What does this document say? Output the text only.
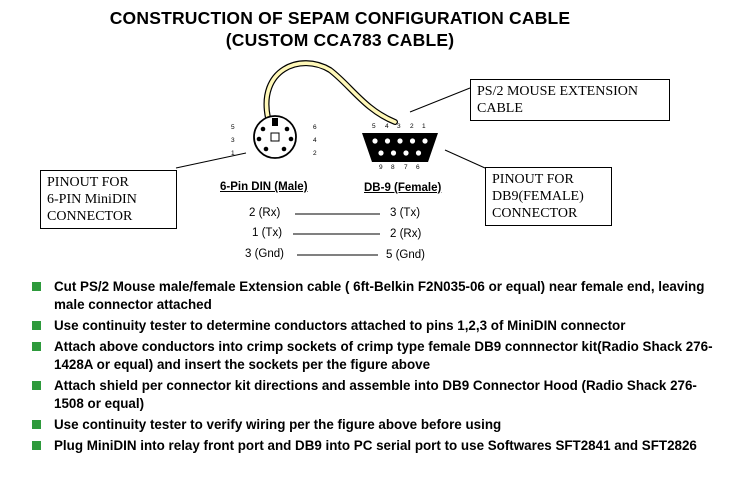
CONSTRUCTION OF SEPAM CONFIGURATION CABLE
(CUSTOM CCA783 CABLE)
5
3
1
6
4
2
5 4 3 2 1
9 8 7 6
PS/2 MOUSE EXTENSION
CABLE
PINOUT FOR
6-PIN MiniDIN
CONNECTOR
PINOUT FOR
DB9(FEMALE)
CONNECTOR
6-Pin DIN (Male)	DB-9 (Female)
2 (Rx)	3 (Tx)
1 (Tx)	2 (Rx)
3 (Gnd)	5 (Gnd)
Cut PS/2 Mouse male/female Extension cable ( 6ft-Belkin F2N035-06 or equal) near female end, leaving male connector attached
Use continuity tester to determine conductors attached to pins 1,2,3 of MiniDIN connector
Attach above conductors into crimp sockets of crimp type female DB9 connnector kit(Radio Shack 276-1428A or equal) and insert the sockets per the figure above
Attach shield per connector kit directions and assemble into DB9 Connector Hood (Radio Shack 276-1508 or equal)
Use continuity tester to verify wiring per the figure above before using
Plug MiniDIN into relay front port and DB9 into PC serial port to use Softwares SFT2841 and SFT2826
